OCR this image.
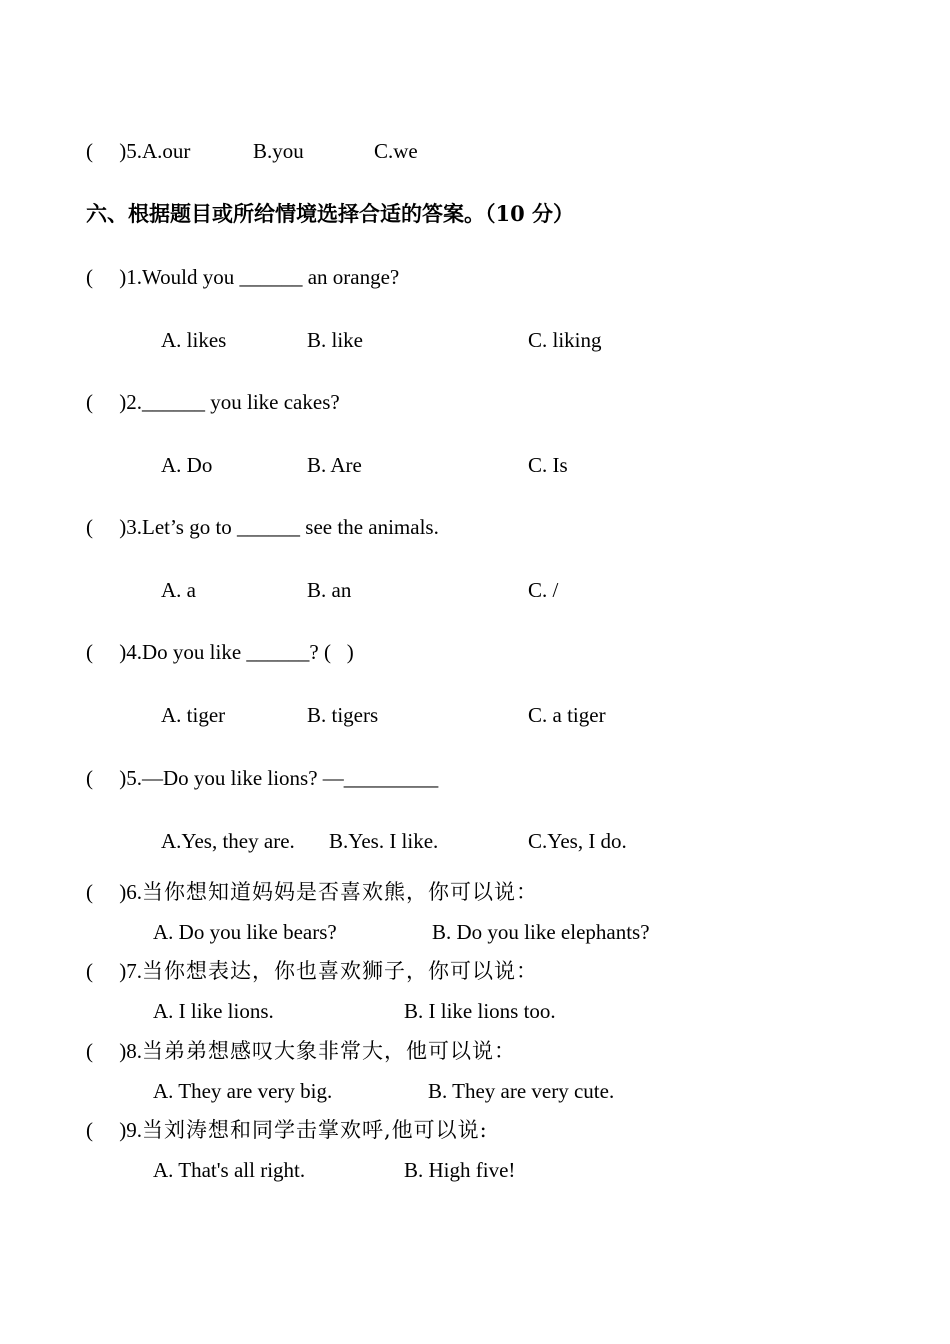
(     )5.A.our	B.you	C.we
六、根据题目或所给情境选择合适的答案。（10 分）
(     )1.Would you ______ an orange?
A. likes	B. like	C. liking
(     )2.______ you like cakes?
A. Do	B. Are	C. Is
(     )3.Let’s go to ______ see the animals.
A. a	B. an	C. /
(     )4.Do you like ______? (   )
A. tiger	B. tigers	C. a tiger
(     )5.—Do you like lions? —_________
A.Yes, they are. B.Yes. I like.	C.Yes, I do.
(     )6.当你想知道妈妈是否喜欢熊，你可以说：
A. Do you like bears?	B. Do you like elephants?
(     )7.当你想表达，你也喜欢狮子，你可以说：
A. I like lions.	B. I like lions too.
(     )8.当弟弟想感叹大象非常大，他可以说：
A. They are very big.	B. They are very cute.
(     )9.当刘涛想和同学击掌欢呼,他可以说:
A. That's all right.	B. High five!
